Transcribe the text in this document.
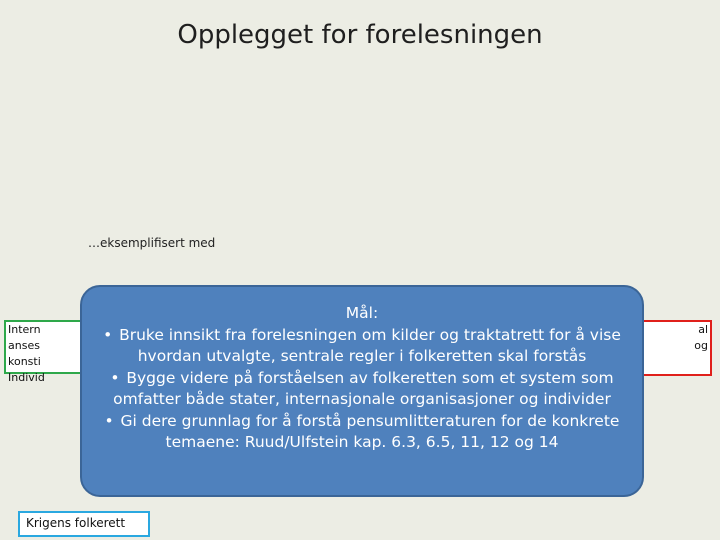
Opplegget for forelesningen
…eksemplifisert med
Intern
anses
konsti
Individ
al
og
Krigens folkerett
Mål:
• Bruke innsikt fra forelesningen om kilder og traktatrett for å vise
hvordan utvalgte, sentrale regler i folkeretten skal forstås
• Bygge videre på forståelsen av folkeretten som et system som
omfatter både stater, internasjonale organisasjoner og individer
• Gi dere grunnlag for å forstå pensumlitteraturen for de konkrete
temaene: Ruud/Ulfstein kap. 6.3, 6.5, 11, 12 og 14
